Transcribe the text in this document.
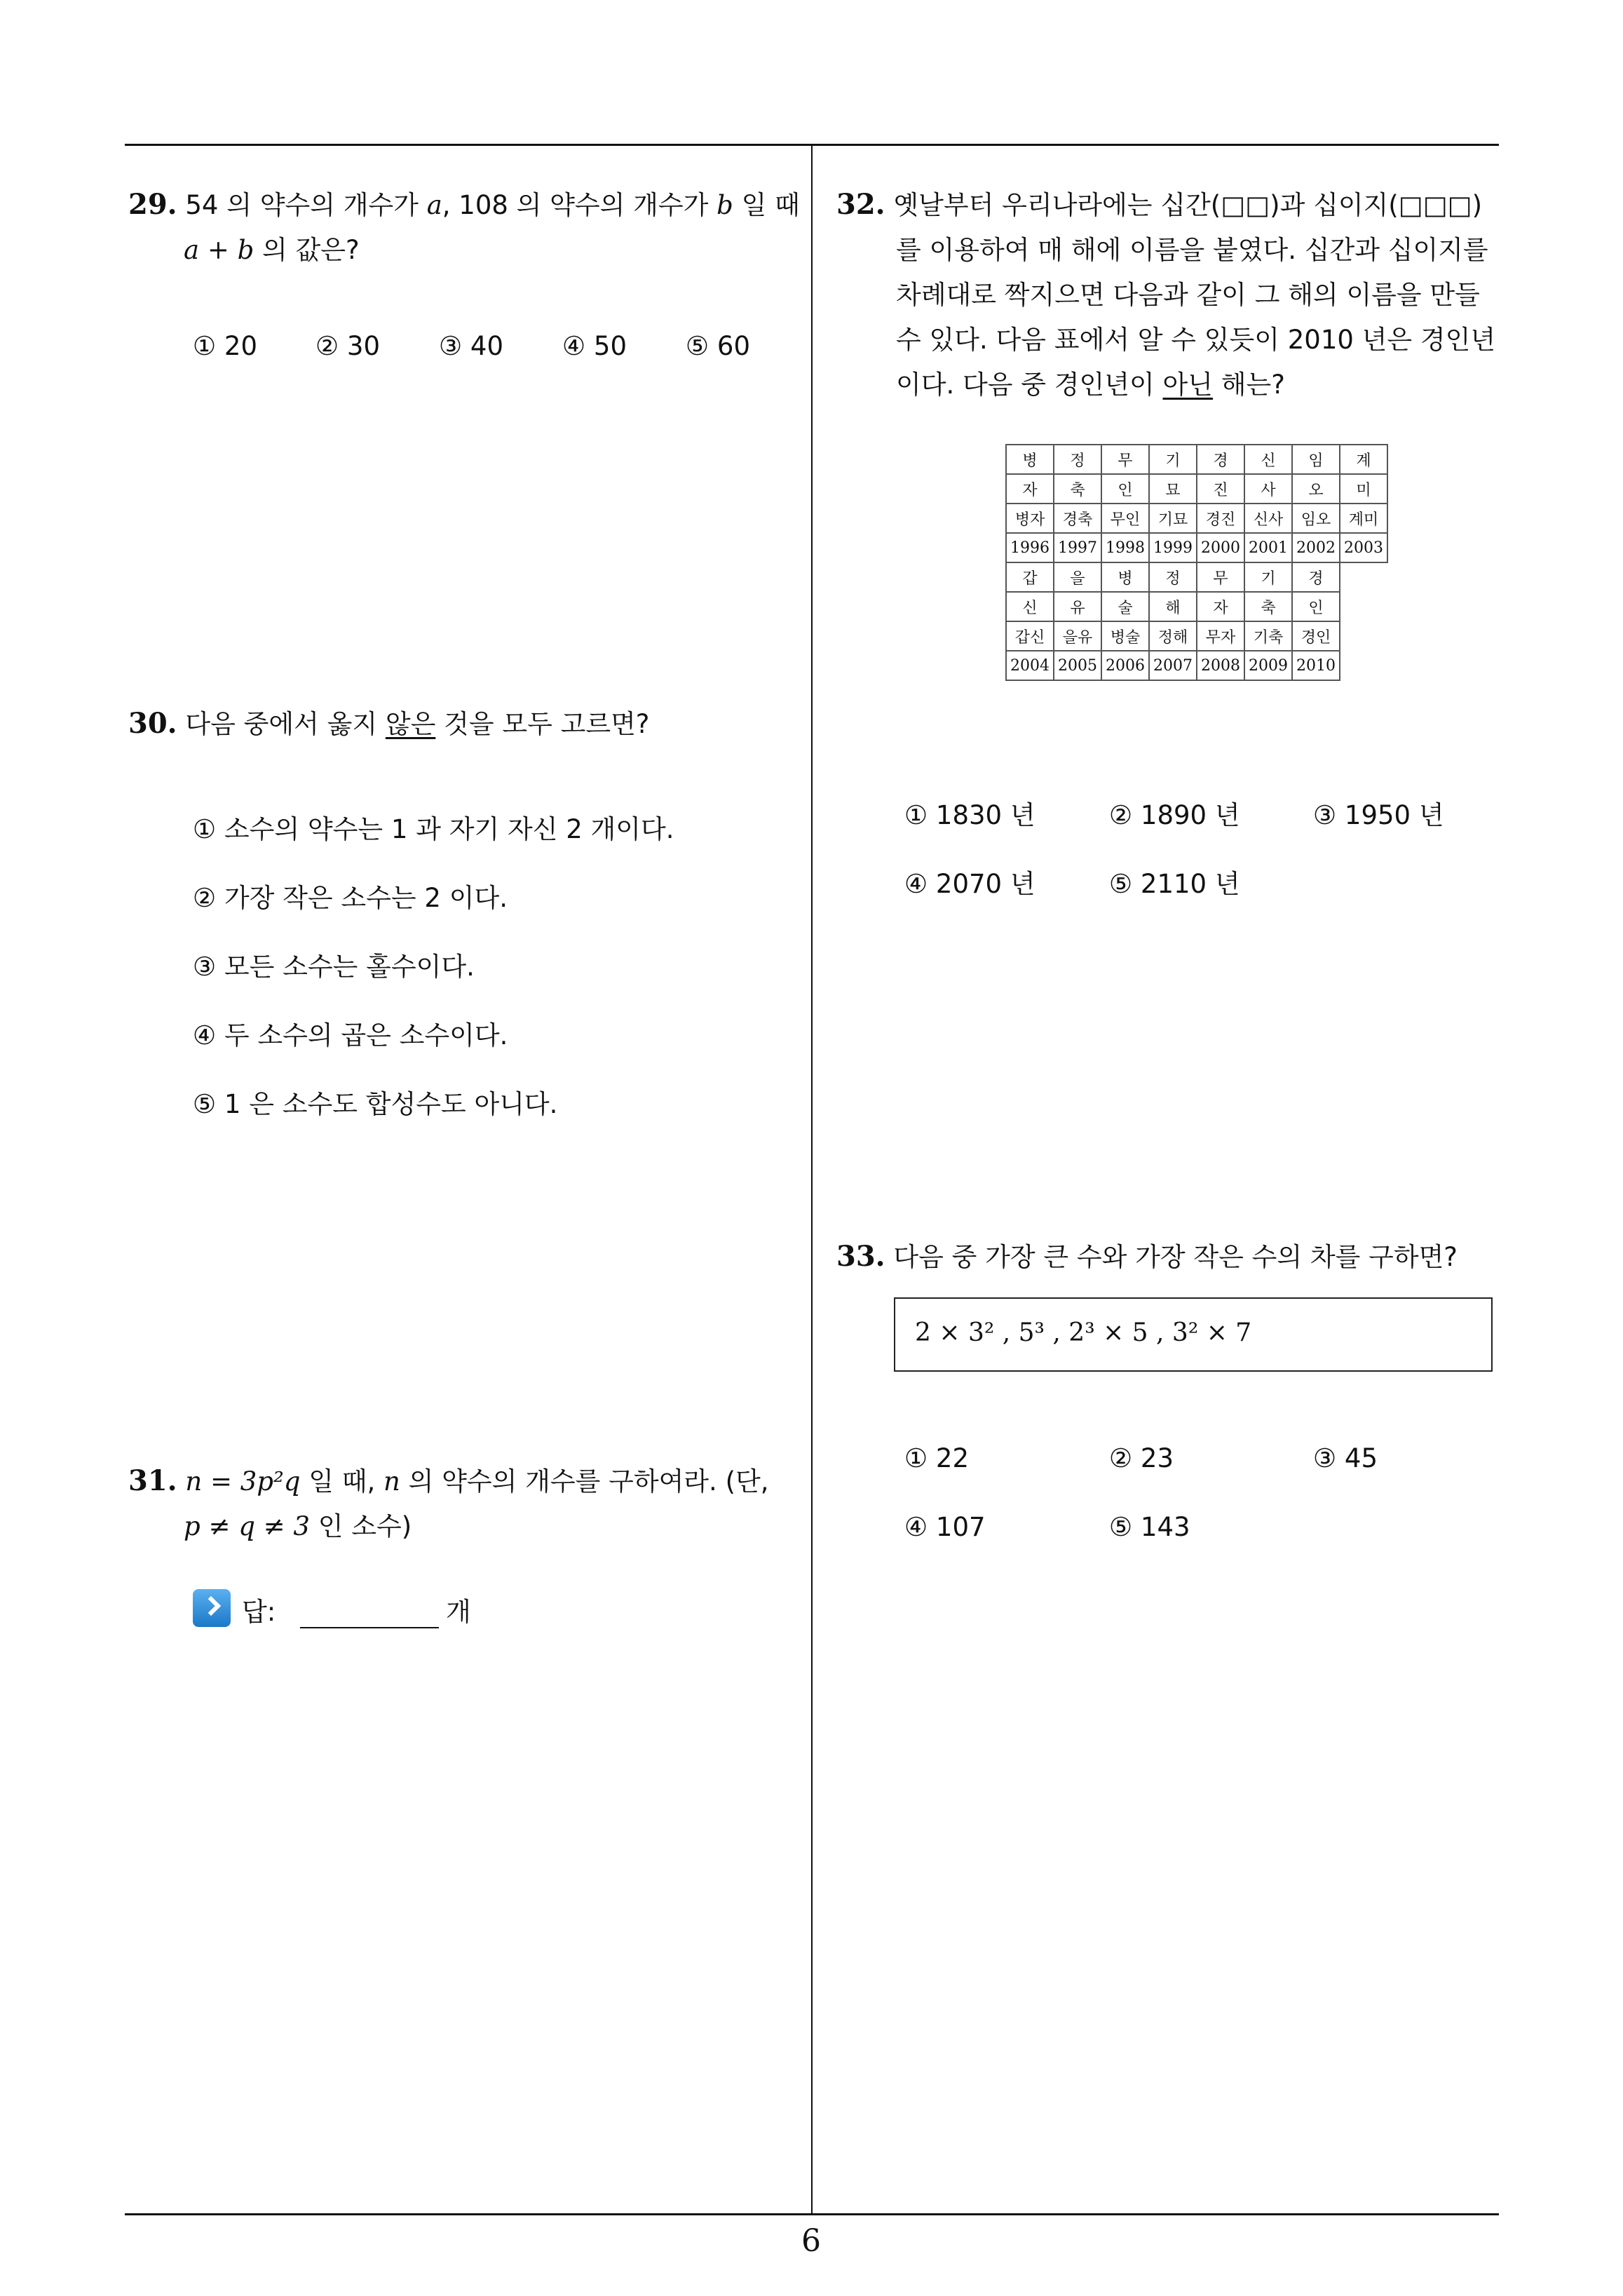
6
29. 54 의 약수의 개수가 a, 108 의 약수의 개수가 b 일 때
a + b 의 값은?
① 20 ② 30 ③ 40 ④ 50 ⑤ 60
30. 다음 중에서 옳지 않은 것을 모두 고르면?
① 소수의 약수는 1 과 자기 자신 2 개이다.
② 가장 작은 소수는 2 이다.
③ 모든 소수는 홀수이다.
④ 두 소수의 곱은 소수이다.
⑤ 1 은 소수도 합성수도 아니다.
31. n = 3p²q 일 때, n 의 약수의 개수를 구하여라. (단,
p ≠ q ≠ 3 인 소수)
답:	개
32. 옛날부터 우리나라에는 십간(□□)과 십이지(□□□)
를 이용하여 매 해에 이름을 붙였다. 십간과 십이지를
차례대로 짝지으면 다음과 같이 그 해의 이름을 만들
수 있다. 다음 표에서 알 수 있듯이 2010 년은 경인년
이다. 다음 중 경인년이 아닌 해는?
병	정	무	기	경	신	임	계
자	축	인	묘	진	사	오	미
병자	경축	무인	기묘	경진	신사	임오	계미
1996	1997	1998	1999	2000	2001	2002	2003
갑	을	병	정	무	기	경	
신	유	술	해	자	축	인	
갑신	을유	병술	정해	무자	기축	경인	
2004	2005	2006	2007	2008	2009	2010	
① 1830 년	② 1890 년	③ 1950 년
④ 2070 년	⑤ 2110 년
33. 다음 중 가장 큰 수와 가장 작은 수의 차를 구하면?
2 × 3² , 5³ , 2³ × 5 , 3² × 7
① 22	② 23	③ 45
④ 107	⑤ 143
